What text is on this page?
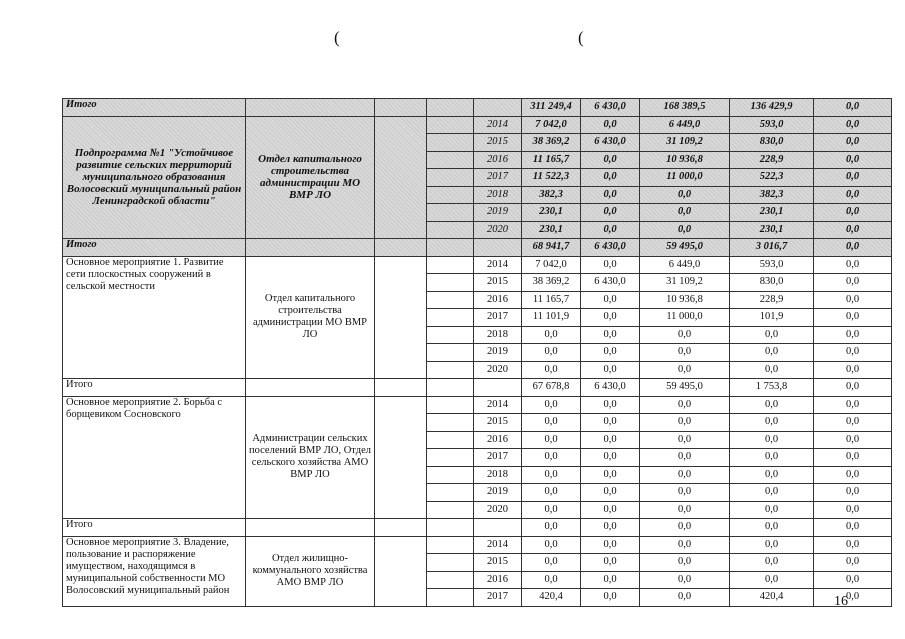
(	(
Итого					311 249,4	6 430,0	168 389,5	136 429,9	0,0
Подпрограмма №1 "Устойчивое развитие сельских территорий муниципального образования Волосовский муниципальный район Ленинградской области"	Отдел капитального строительства администрации МО ВМР ЛО			2014	7 042,0	0,0	6 449,0	593,0	0,0
				2015	38 369,2	6 430,0	31 109,2	830,0	0,0
				2016	11 165,7	0,0	10 936,8	228,9	0,0
				2017	11 522,3	0,0	11 000,0	522,3	0,0
				2018	382,3	0,0	0,0	382,3	0,0
				2019	230,1	0,0	0,0	230,1	0,0
				2020	230,1	0,0	0,0	230,1	0,0
Итого					68 941,7	6 430,0	59 495,0	3 016,7	0,0
Основное мероприятие 1. Развитие сети плоскостных сооружений в сельской местности	Отдел капитального строительства администрации МО ВМР ЛО			2014	7 042,0	0,0	6 449,0	593,0	0,0
				2015	38 369,2	6 430,0	31 109,2	830,0	0,0
				2016	11 165,7	0,0	10 936,8	228,9	0,0
				2017	11 101,9	0,0	11 000,0	101,9	0,0
				2018	0,0	0,0	0,0	0,0	0,0
				2019	0,0	0,0	0,0	0,0	0,0
				2020	0,0	0,0	0,0	0,0	0,0
Итого					67 678,8	6 430,0	59 495,0	1 753,8	0,0
Основное мероприятие 2. Борьба с борщевиком Сосновского	Администрации сельских поселений ВМР ЛО, Отдел сельского хозяйства АМО ВМР ЛО			2014	0,0	0,0	0,0	0,0	0,0
				2015	0,0	0,0	0,0	0,0	0,0
				2016	0,0	0,0	0,0	0,0	0,0
				2017	0,0	0,0	0,0	0,0	0,0
				2018	0,0	0,0	0,0	0,0	0,0
				2019	0,0	0,0	0,0	0,0	0,0
				2020	0,0	0,0	0,0	0,0	0,0
Итого					0,0	0,0	0,0	0,0	0,0
Основное мероприятие 3. Владение, пользование и распоряжение имуществом, находящимся в муниципальной собственности МО Волосовский муниципальный район	Отдел жилищно-коммунального хозяйства АМО ВМР ЛО			2014	0,0	0,0	0,0	0,0	0,0
				2015	0,0	0,0	0,0	0,0	0,0
				2016	0,0	0,0	0,0	0,0	0,0
				2017	420,4	0,0	0,0	420,4	0,0
16
